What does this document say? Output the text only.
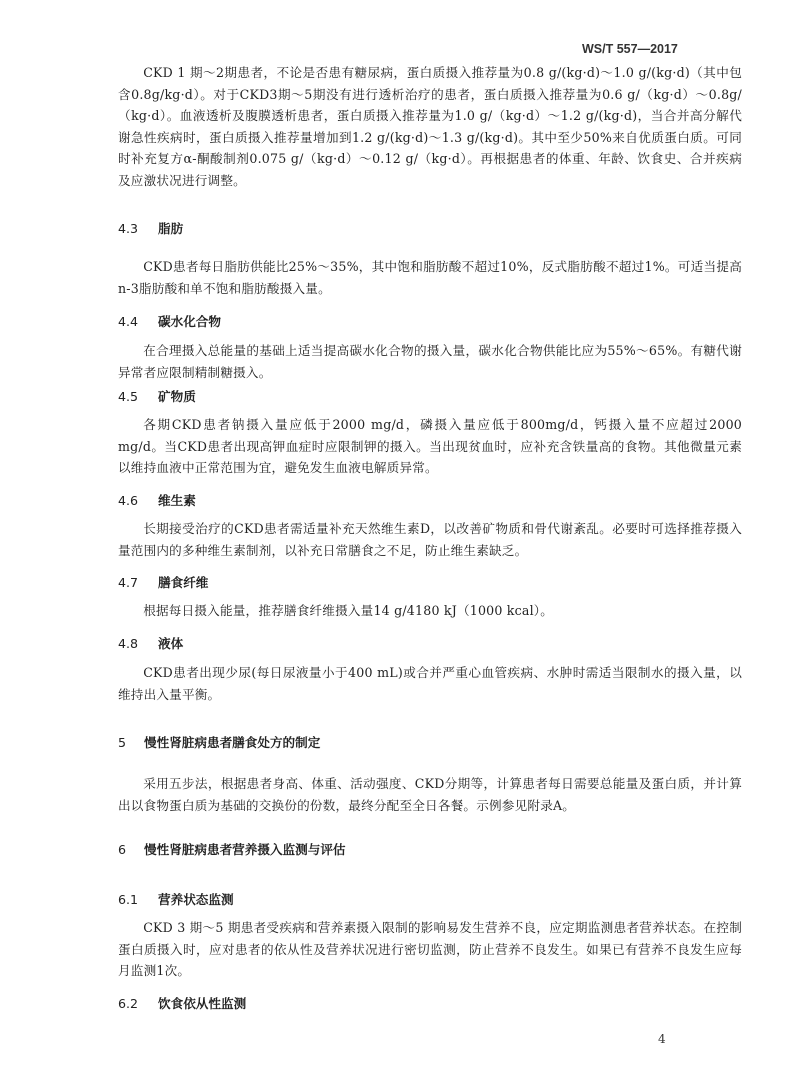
WS/T 557—2017

CKD 1 期～2期患者，不论是否患有糖尿病，蛋白质摄入推荐量为0.8 g/(kg·d)～1.0 g/(kg·d)（其中包含0.8g/kg·d）。对于CKD3期～5期没有进行透析治疗的患者，蛋白质摄入推荐量为0.6 g/（kg·d）～0.8g/（kg·d）。血液透析及腹膜透析患者，蛋白质摄入推荐量为1.0 g/（kg·d）～1.2 g/(kg·d)，当合并高分解代谢急性疾病时，蛋白质摄入推荐量增加到1.2 g/(kg·d)～1.3 g/(kg·d)。其中至少50%来自优质蛋白质。可同时补充复方α-酮酸制剂0.075 g/（kg·d）～0.12 g/（kg·d）。再根据患者的体重、年龄、饮食史、合并疾病及应激状况进行调整。

4.3 脂肪

CKD患者每日脂肪供能比25%～35%，其中饱和脂肪酸不超过10%，反式脂肪酸不超过1%。可适当提高n-3脂肪酸和单不饱和脂肪酸摄入量。

4.4 碳水化合物

在合理摄入总能量的基础上适当提高碳水化合物的摄入量，碳水化合物供能比应为55%～65%。有糖代谢异常者应限制精制糖摄入。

4.5 矿物质

各期CKD患者钠摄入量应低于2000 mg/d，磷摄入量应低于800mg/d，钙摄入量不应超过2000 mg/d。当CKD患者出现高钾血症时应限制钾的摄入。当出现贫血时，应补充含铁量高的食物。其他微量元素以维持血液中正常范围为宜，避免发生血液电解质异常。

4.6 维生素

长期接受治疗的CKD患者需适量补充天然维生素D，以改善矿物质和骨代谢紊乱。必要时可选择推荐摄入量范围内的多种维生素制剂，以补充日常膳食之不足，防止维生素缺乏。

4.7 膳食纤维

根据每日摄入能量，推荐膳食纤维摄入量14 g/4180 kJ（1000 kcal）。

4.8 液体

CKD患者出现少尿(每日尿液量小于400 mL)或合并严重心血管疾病、水肿时需适当限制水的摄入量，以维持出入量平衡。

5 慢性肾脏病患者膳食处方的制定

采用五步法，根据患者身高、体重、活动强度、CKD分期等，计算患者每日需要总能量及蛋白质，并计算出以食物蛋白质为基础的交换份的份数，最终分配至全日各餐。示例参见附录A。

6 慢性肾脏病患者营养摄入监测与评估
6.1 营养状态监测

CKD 3 期～5 期患者受疾病和营养素摄入限制的影响易发生营养不良，应定期监测患者营养状态。在控制蛋白质摄入时，应对患者的依从性及营养状况进行密切监测，防止营养不良发生。如果已有营养不良发生应每月监测1次。

6.2 饮食依从性监测
4
